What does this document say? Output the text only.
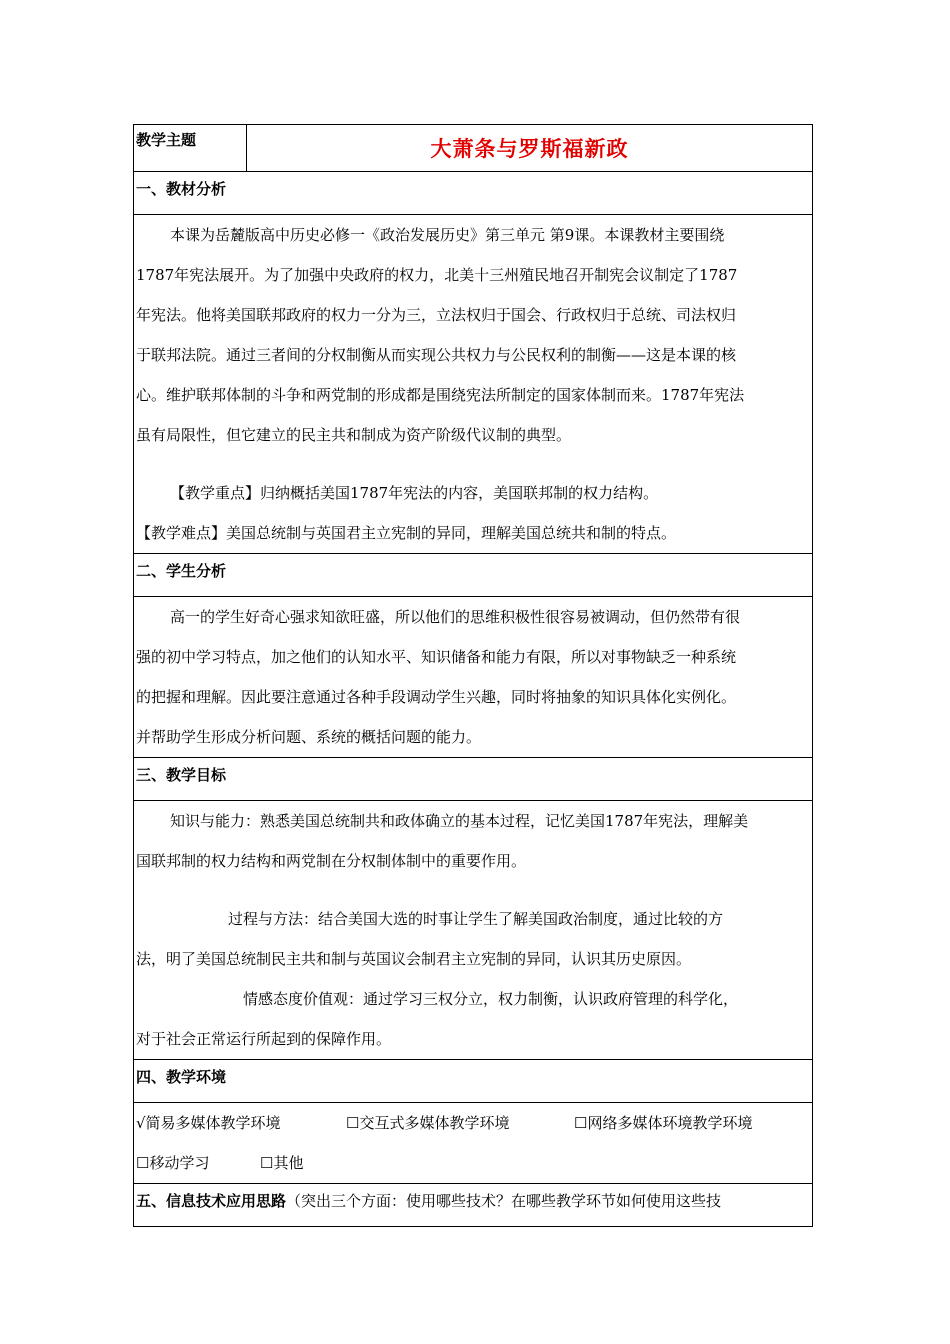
教学主题	大萧条与罗斯福新政
一、教材分析

本课为岳麓版高中历史必修一《政治发展历史》第三单元 第9课。本课教材主要围绕

1787年宪法展开。为了加强中央政府的权力，北美十三州殖民地召开制宪会议制定了1787

年宪法。他将美国联邦政府的权力一分为三，立法权归于国会、行政权归于总统、司法权归

于联邦法院。通过三者间的分权制衡从而实现公共权力与公民权利的制衡——这是本课的核

心。维护联邦体制的斗争和两党制的形成都是围绕宪法所制定的国家体制而来。1787年宪法

虽有局限性，但它建立的民主共和制成为资产阶级代议制的典型。

【教学重点】归纳概括美国1787年宪法的内容，美国联邦制的权力结构。

【教学难点】美国总统制与英国君主立宪制的异同，理解美国总统共和制的特点。

二、学生分析

高一的学生好奇心强求知欲旺盛，所以他们的思维积极性很容易被调动，但仍然带有很

强的初中学习特点，加之他们的认知水平、知识储备和能力有限，所以对事物缺乏一种系统

的把握和理解。因此要注意通过各种手段调动学生兴趣，同时将抽象的知识具体化实例化。

并帮助学生形成分析问题、系统的概括问题的能力。

三、教学目标

知识与能力：熟悉美国总统制共和政体确立的基本过程，记忆美国1787年宪法，理解美

国联邦制的权力结构和两党制在分权制体制中的重要作用。

过程与方法：结合美国大选的时事让学生了解美国政治制度，通过比较的方

法，明了美国总统制民主共和制与英国议会制君主立宪制的异同，认识其历史原因。

情感态度价值观：通过学习三权分立，权力制衡，认识政府管理的科学化，

对于社会正常运行所起到的保障作用。

四、教学环境

√简易多媒体教学环境	☐交互式多媒体教学环境	☐网络多媒体环境教学环境

☐移动学习	☐其他

五、信息技术应用思路（突出三个方面：使用哪些技术？在哪些教学环节如何使用这些技
